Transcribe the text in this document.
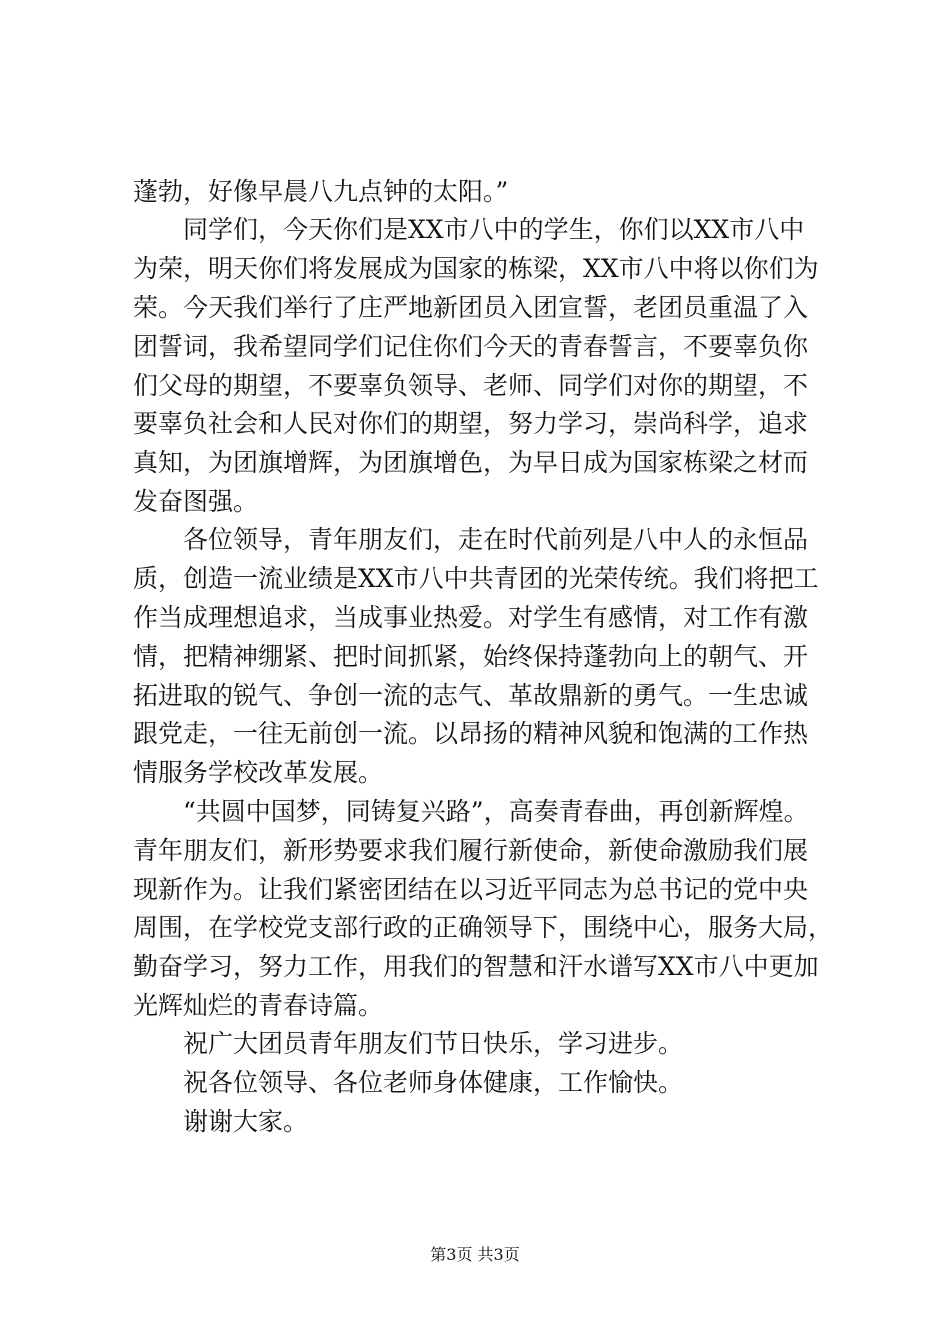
蓬勃，好像早晨八九点钟的太阳。”

　　同学们，今天你们是XX市八中的学生，你们以XX市八中

为荣，明天你们将发展成为国家的栋梁，XX市八中将以你们为

荣。今天我们举行了庄严地新团员入团宣誓，老团员重温了入

团誓词，我希望同学们记住你们今天的青春誓言，不要辜负你

们父母的期望，不要辜负领导、老师、同学们对你的期望，不

要辜负社会和人民对你们的期望，努力学习，崇尚科学，追求

真知，为团旗增辉，为团旗增色，为早日成为国家栋梁之材而

发奋图强。

　　各位领导，青年朋友们，走在时代前列是八中人的永恒品

质，创造一流业绩是XX市八中共青团的光荣传统。我们将把工

作当成理想追求，当成事业热爱。对学生有感情，对工作有激

情，把精神绷紧、把时间抓紧，始终保持蓬勃向上的朝气、开

拓进取的锐气、争创一流的志气、革故鼎新的勇气。一生忠诚

跟党走，一往无前创一流。以昂扬的精神风貌和饱满的工作热

情服务学校改革发展。

　　“共圆中国梦，同铸复兴路”，高奏青春曲，再创新辉煌。

青年朋友们，新形势要求我们履行新使命，新使命激励我们展

现新作为。让我们紧密团结在以习近平同志为总书记的党中央

周围，在学校党支部行政的正确领导下，围绕中心，服务大局，

勤奋学习，努力工作，用我们的智慧和汗水谱写XX市八中更加

光辉灿烂的青春诗篇。

　　祝广大团员青年朋友们节日快乐，学习进步。

　　祝各位领导、各位老师身体健康，工作愉快。

　　谢谢大家。

第3页 共3页
